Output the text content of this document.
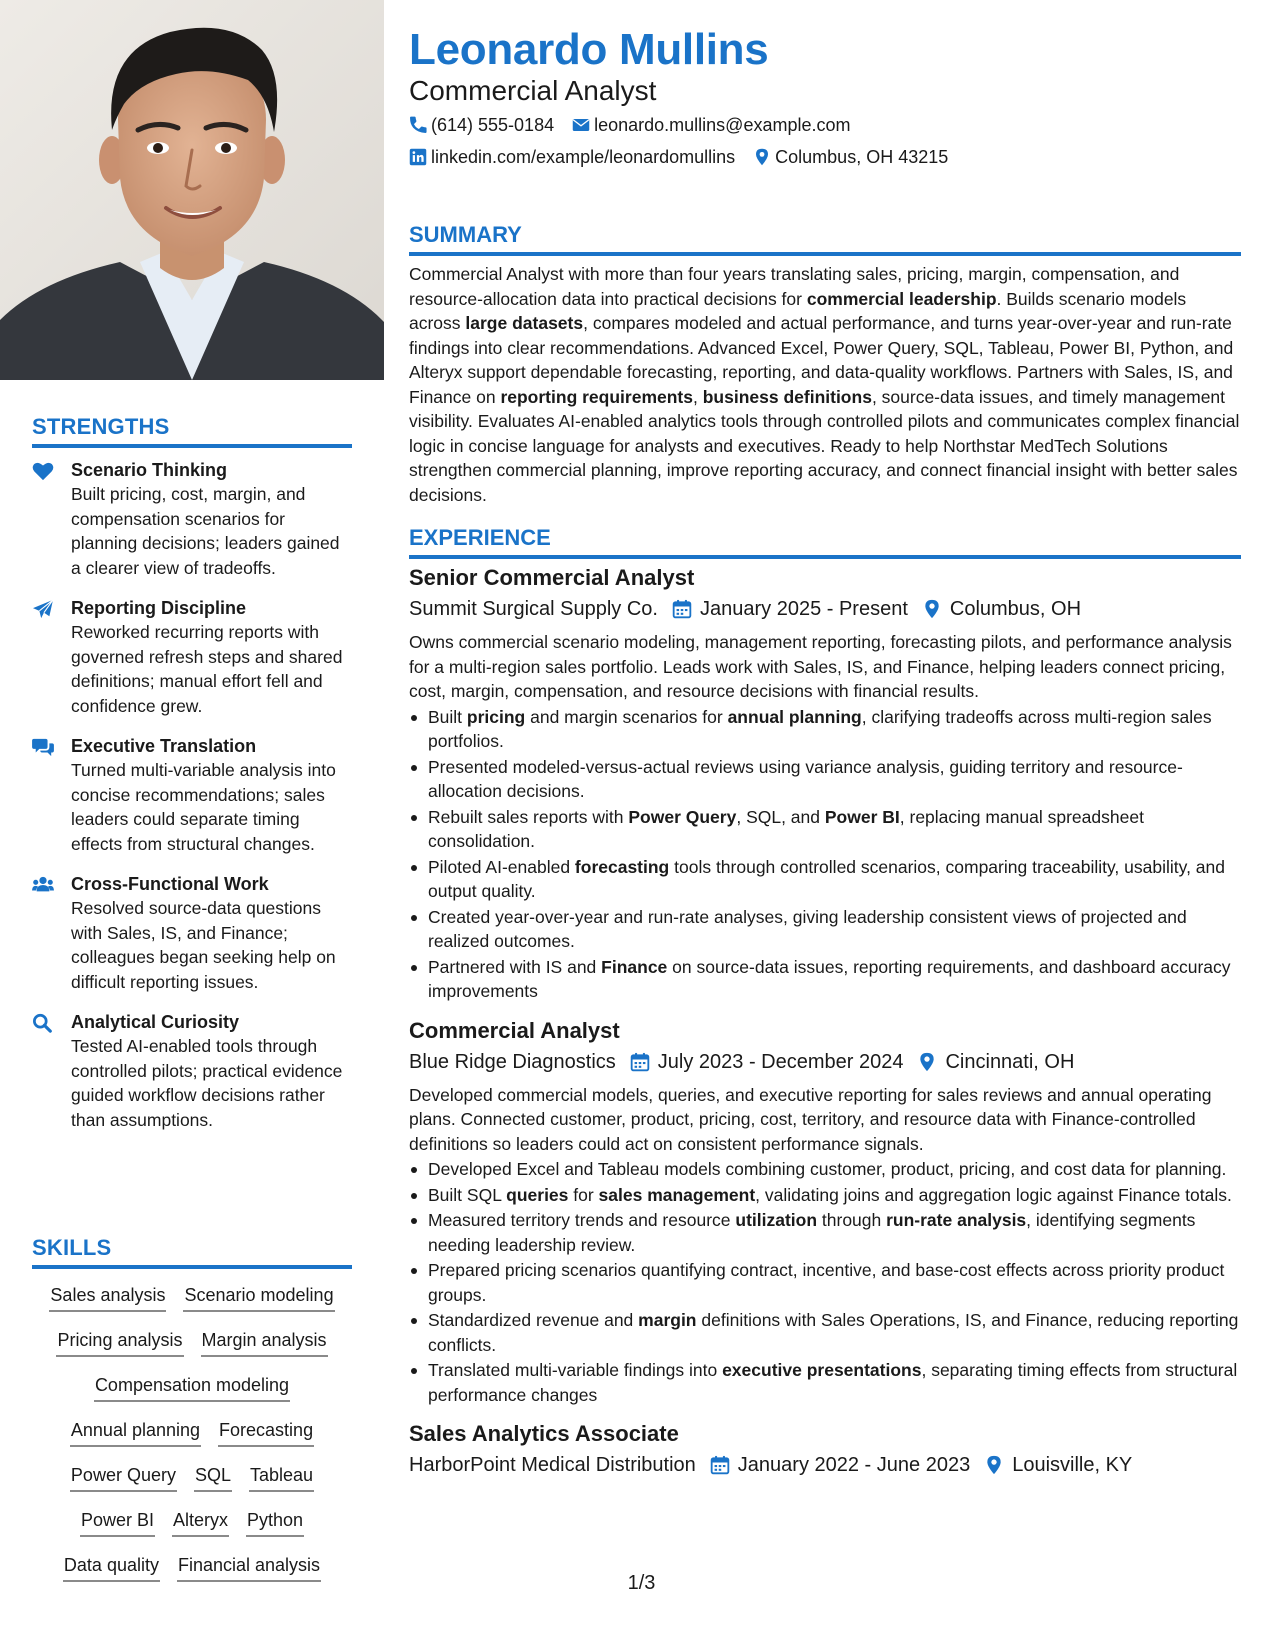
STRENGTHS
Scenario Thinking
Built pricing, cost, margin, and compensation scenarios for planning decisions; leaders gained a clearer view of tradeoffs.
Reporting Discipline
Reworked recurring reports with governed refresh steps and shared definitions; manual effort fell and confidence grew.
Executive Translation
Turned multi-variable analysis into concise recommendations; sales leaders could separate timing effects from structural changes.
Cross-Functional Work
Resolved source-data questions with Sales, IS, and Finance; colleagues began seeking help on difficult reporting issues.
Analytical Curiosity
Tested AI-enabled tools through controlled pilots; practical evidence guided workflow decisions rather than assumptions.
SKILLS
Sales analysis Scenario modeling
Pricing analysis Margin analysis
Compensation modeling
Annual planning Forecasting
Power Query SQL Tableau
Power BI Alteryx Python
Data quality Financial analysis
Leonardo Mullins
Commercial Analyst
(614) 555-0184 leonardo.mullins@example.com
linkedin.com/example/leonardomullins Columbus, OH 43215
SUMMARY
Commercial Analyst with more than four years translating sales, pricing, margin, compensation, and resource-allocation data into practical decisions for commercial leadership. Builds scenario models across large datasets, compares modeled and actual performance, and turns year-over-year and run-rate findings into clear recommendations. Advanced Excel, Power Query, SQL, Tableau, Power BI, Python, and Alteryx support dependable forecasting, reporting, and data-quality workflows. Partners with Sales, IS, and Finance on reporting requirements, business definitions, source-data issues, and timely management visibility. Evaluates AI-enabled analytics tools through controlled pilots and communicates complex financial logic in concise language for analysts and executives. Ready to help Northstar MedTech Solutions strengthen commercial planning, improve reporting accuracy, and connect financial insight with better sales decisions.
EXPERIENCE
Senior Commercial Analyst
Summit Surgical Supply Co. January 2025 - Present Columbus, OH
Owns commercial scenario modeling, management reporting, forecasting pilots, and performance analysis for a multi-region sales portfolio. Leads work with Sales, IS, and Finance, helping leaders connect pricing, cost, margin, compensation, and resource decisions with financial results.
Built pricing and margin scenarios for annual planning, clarifying tradeoffs across multi-region sales portfolios.
Presented modeled-versus-actual reviews using variance analysis, guiding territory and resource-allocation decisions.
Rebuilt sales reports with Power Query, SQL, and Power BI, replacing manual spreadsheet consolidation.
Piloted AI-enabled forecasting tools through controlled scenarios, comparing traceability, usability, and output quality.
Created year-over-year and run-rate analyses, giving leadership consistent views of projected and realized outcomes.
Partnered with IS and Finance on source-data issues, reporting requirements, and dashboard accuracy improvements
Commercial Analyst
Blue Ridge Diagnostics July 2023 - December 2024 Cincinnati, OH
Developed commercial models, queries, and executive reporting for sales reviews and annual operating plans. Connected customer, product, pricing, cost, territory, and resource data with Finance-controlled definitions so leaders could act on consistent performance signals.
Developed Excel and Tableau models combining customer, product, pricing, and cost data for planning.
Built SQL queries for sales management, validating joins and aggregation logic against Finance totals.
Measured territory trends and resource utilization through run-rate analysis, identifying segments needing leadership review.
Prepared pricing scenarios quantifying contract, incentive, and base-cost effects across priority product groups.
Standardized revenue and margin definitions with Sales Operations, IS, and Finance, reducing reporting conflicts.
Translated multi-variable findings into executive presentations, separating timing effects from structural performance changes
Sales Analytics Associate
HarborPoint Medical Distribution January 2022 - June 2023 Louisville, KY
1/3
